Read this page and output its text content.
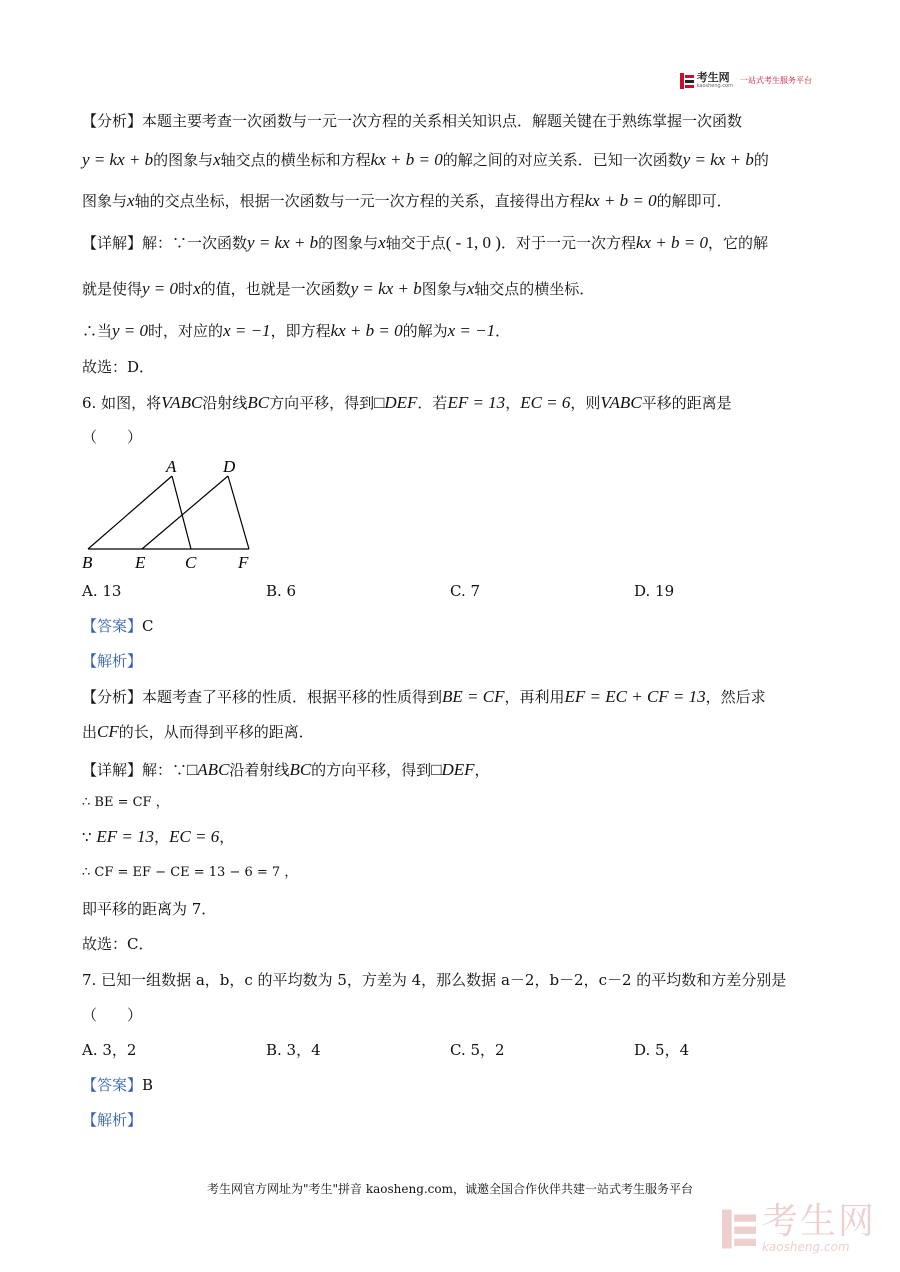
考生网
kaosheng.com
一站式考生服务平台
【分析】本题主要考查一次函数与一元一次方程的关系相关知识点．解题关键在于熟练掌握一次函数
y = kx + b的图象与x轴交点的横坐标和方程kx + b = 0的解之间的对应关系．已知一次函数y = kx + b的
图象与x轴的交点坐标，根据一次函数与一元一次方程的关系，直接得出方程kx + b = 0的解即可．
【详解】解：∵一次函数y = kx + b的图象与x轴交于点( - 1, 0 )．对于一元一次方程kx + b = 0，它的解
就是使得y = 0时x的值，也就是一次函数y = kx + b图象与x轴交点的横坐标．
∴当y = 0时，对应的x = −1，即方程kx + b = 0的解为x = −1．
故选：D．
6. 如图，将VABC沿射线BC方向平移，得到□DEF．若EF = 13，EC = 6，则VABC平移的距离是
（　　）
A	D
B	E C F
A. 13	B. 6	C. 7	D. 19
【答案】C
【解析】
【分析】本题考查了平移的性质．根据平移的性质得到BE = CF，再利用EF = EC + CF = 13，然后求
出CF的长，从而得到平移的距离．
【详解】解：∵□ABC沿着射线BC的方向平移，得到□DEF，
∴ BE = CF ，
∵ EF = 13，EC = 6，
∴ CF = EF − CE = 13 − 6 = 7 ，
即平移的距离为 7．
故选：C．
7. 已知一组数据 a，b，c 的平均数为 5，方差为 4，那么数据 a－2，b－2，c－2 的平均数和方差分别是
（　　）
A. 3，2	B. 3，4	C. 5，2	D. 5，4
【答案】B
【解析】
考生网官方网址为"考生"拼音 kaosheng.com，诚邀全国合作伙伴共建一站式考生服务平台
考生网
kaosheng.com
